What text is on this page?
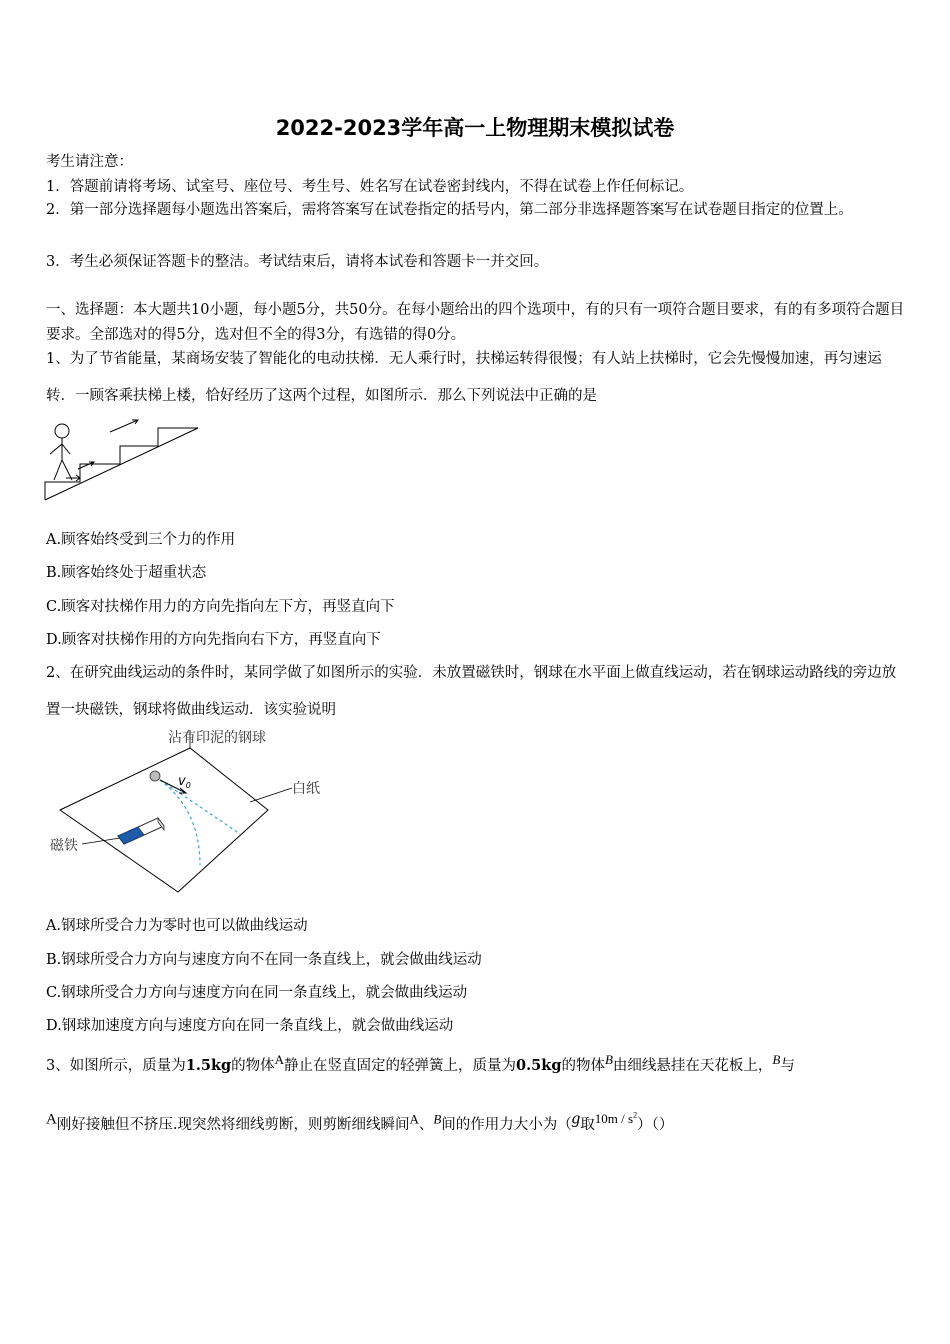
2022-2023学年高一上物理期末模拟试卷
考生请注意：
1．答题前请将考场、试室号、座位号、考生号、姓名写在试卷密封线内，不得在试卷上作任何标记。
2．第一部分选择题每小题选出答案后，需将答案写在试卷指定的括号内，第二部分非选择题答案写在试卷题目指定的位置上。
3．考生必须保证答题卡的整洁。考试结束后，请将本试卷和答题卡一并交回。
一、选择题：本大题共10小题，每小题5分，共50分。在每小题给出的四个选项中，有的只有一项符合题目要求，有的有多项符合题目要求。全部选对的得5分，选对但不全的得3分，有选错的得0分。
1、为了节省能量，某商场安装了智能化的电动扶梯．无人乘行时，扶梯运转得很慢；有人站上扶梯时，它会先慢慢加速，再匀速运转．一顾客乘扶梯上楼，恰好经历了这两个过程，如图所示．那么下列说法中正确的是
A.顾客始终受到三个力的作用
B.顾客始终处于超重状态
C.顾客对扶梯作用力的方向先指向左下方，再竖直向下
D.顾客对扶梯作用的方向先指向右下方，再竖直向下
2、在研究曲线运动的条件时，某同学做了如图所示的实验．未放置磁铁时，钢球在水平面上做直线运动，若在钢球运动路线的旁边放置一块磁铁，钢球将做曲线运动．该实验说明
沾有印泥的钢球
白纸
$v_0$
磁铁
A.钢球所受合力为零时也可以做曲线运动
B.钢球所受合力方向与速度方向不在同一条直线上，就会做曲线运动
C.钢球所受合力方向与速度方向在同一条直线上，就会做曲线运动
D.钢球加速度方向与速度方向在同一条直线上，就会做曲线运动
3、如图所示，质量为1.5kg的物体A静止在竖直固定的轻弹簧上，质量为0.5kg的物体B由细线悬挂在天花板上，B与
A刚好接触但不挤压.现突然将细线剪断，则剪断细线瞬间A、B间的作用力大小为（g取$10m / s^2)()$
